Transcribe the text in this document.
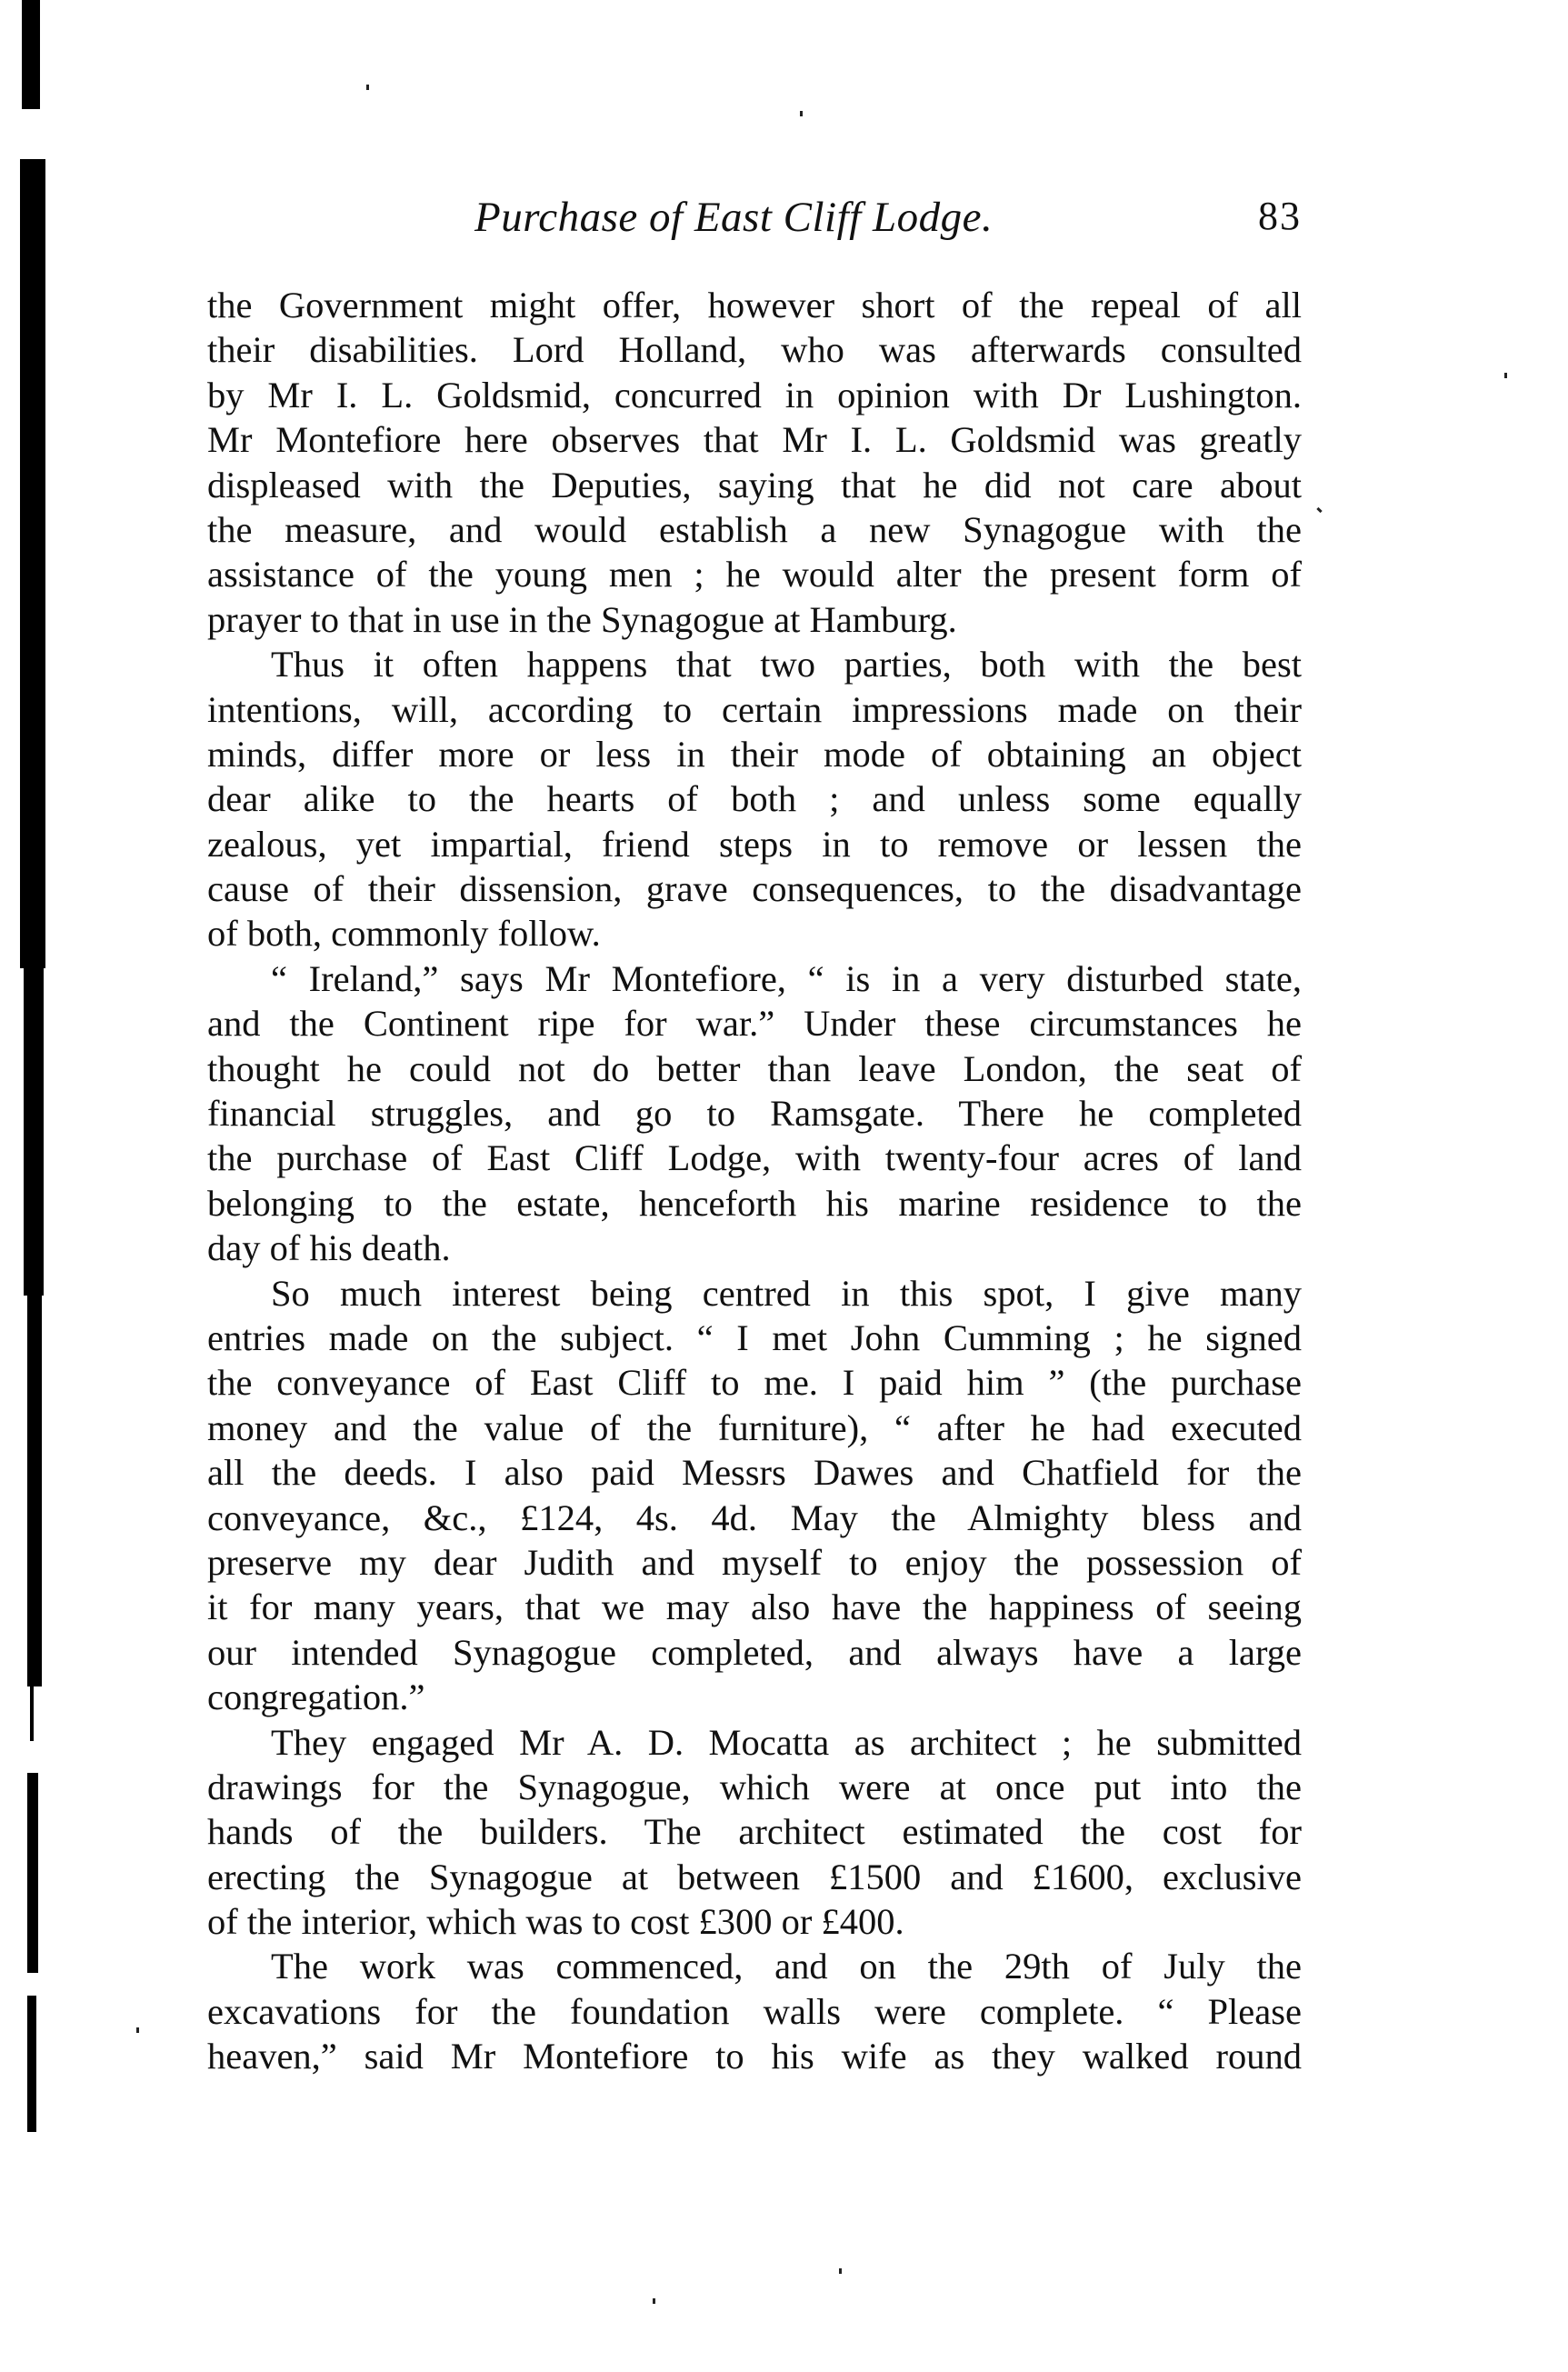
Purchase of East Cliff Lodge.	83
the Government might offer, however short of the repeal of all
their disabilities. Lord Holland, who was afterwards consulted
by Mr I. L. Goldsmid, concurred in opinion with Dr Lushington.
Mr Montefiore here observes that Mr I. L. Goldsmid was greatly
displeased with the Deputies, saying that he did not care about
the measure, and would establish a new Synagogue with the
assistance of the young men ; he would alter the present form of
prayer to that in use in the Synagogue at Hamburg.
Thus it often happens that two parties, both with the best
intentions, will, according to certain impressions made on their
minds, differ more or less in their mode of obtaining an object
dear alike to the hearts of both ; and unless some equally
zealous, yet impartial, friend steps in to remove or lessen the
cause of their dissension, grave consequences, to the disadvantage
of both, commonly follow.
“ Ireland,” says Mr Montefiore, “ is in a very disturbed state,
and the Continent ripe for war.” Under these circumstances he
thought he could not do better than leave London, the seat of
financial struggles, and go to Ramsgate. There he completed
the purchase of East Cliff Lodge, with twenty-four acres of land
belonging to the estate, henceforth his marine residence to the
day of his death.
So much interest being centred in this spot, I give many
entries made on the subject. “ I met John Cumming ; he signed
the conveyance of East Cliff to me. I paid him ” (the purchase
money and the value of the furniture), “ after he had executed
all the deeds. I also paid Messrs Dawes and Chatfield for the
conveyance, &c., £124, 4s. 4d. May the Almighty bless and
preserve my dear Judith and myself to enjoy the possession of
it for many years, that we may also have the happiness of seeing
our intended Synagogue completed, and always have a large
congregation.”
They engaged Mr A. D. Mocatta as architect ; he submitted
drawings for the Synagogue, which were at once put into the
hands of the builders. The architect estimated the cost for
erecting the Synagogue at between £1500 and £1600, exclusive
of the interior, which was to cost £300 or £400.
The work was commenced, and on the 29th of July the
excavations for the foundation walls were complete. “ Please
heaven,” said Mr Montefiore to his wife as they walked round
